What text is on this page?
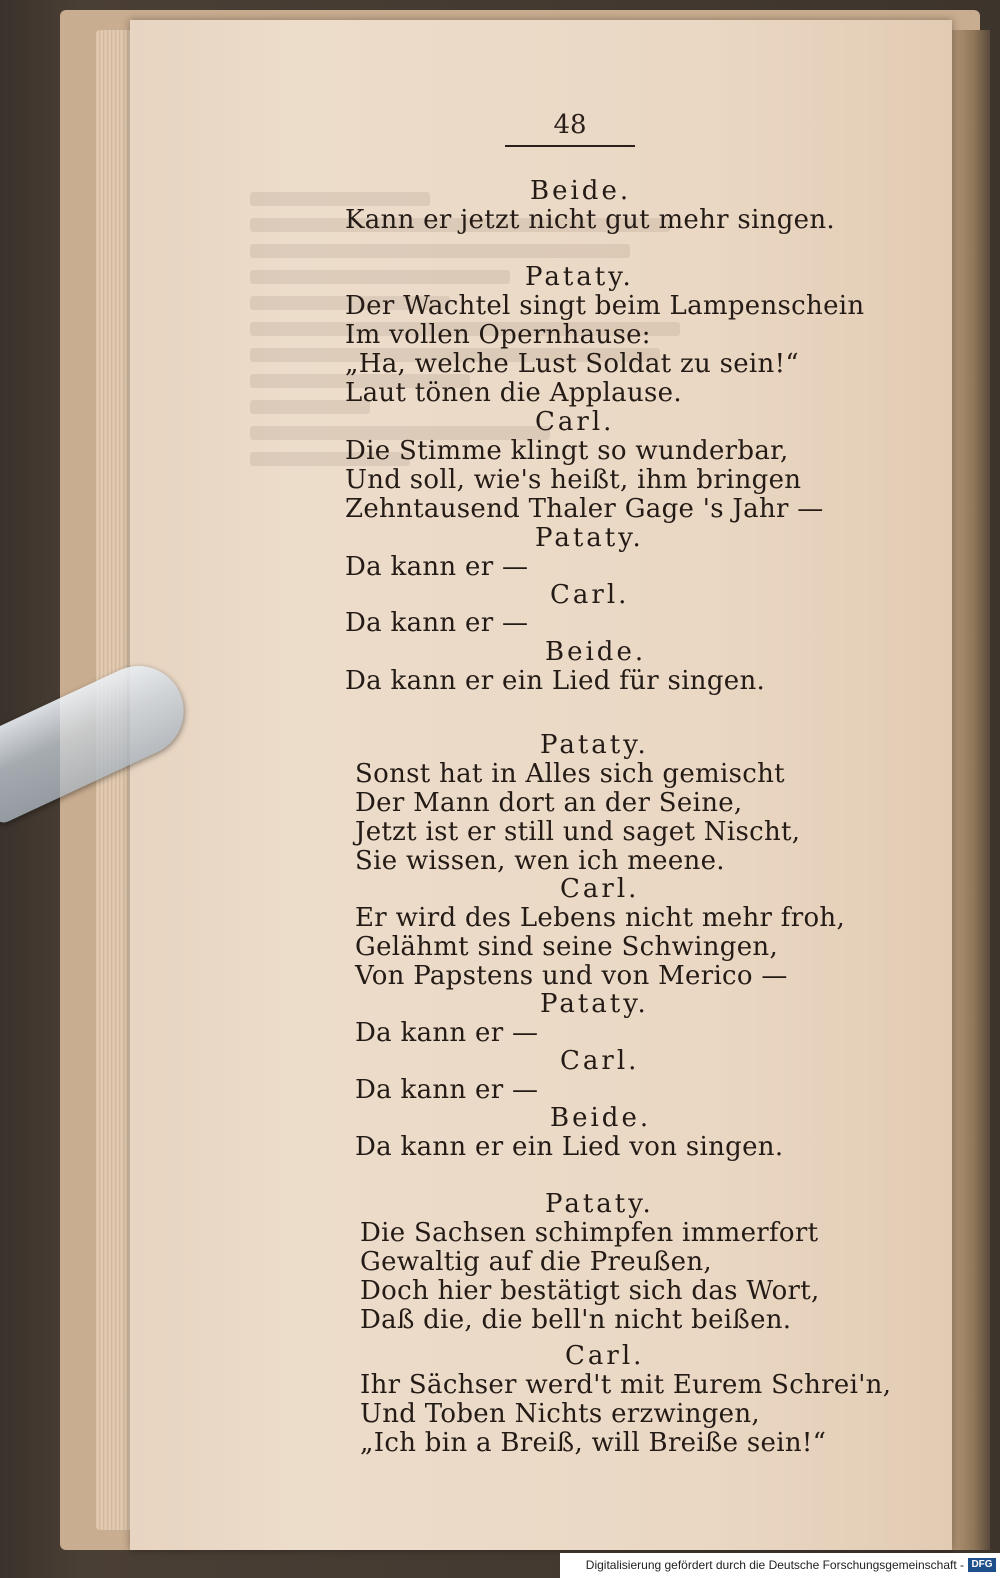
48
Beide.
Kann er jetzt nicht gut mehr singen.
Pataty.
Der Wachtel singt beim Lampenschein
Im vollen Opernhause:
„Ha, welche Lust Soldat zu sein!“
Laut tönen die Applause.
Carl.
Die Stimme klingt so wunderbar,
Und soll, wie's heißt, ihm bringen
Zehntausend Thaler Gage 's Jahr —
Pataty.
Da kann er —
Carl.
Da kann er —
Beide.
Da kann er ein Lied für singen.
Pataty.
Sonst hat in Alles sich gemischt
Der Mann dort an der Seine,
Jetzt ist er still und saget Nischt,
Sie wissen, wen ich meene.
Carl.
Er wird des Lebens nicht mehr froh,
Gelähmt sind seine Schwingen,
Von Papstens und von Merico —
Pataty.
Da kann er —
Carl.
Da kann er —
Beide.
Da kann er ein Lied von singen.
Pataty.
Die Sachsen schimpfen immerfort
Gewaltig auf die Preußen,
Doch hier bestätigt sich das Wort,
Daß die, die bell'n nicht beißen.
Carl.
Ihr Sächser werd't mit Eurem Schrei'n,
Und Toben Nichts erzwingen,
„Ich bin a Breiß, will Breiße sein!“
Digitalisierung gefördert durch die Deutsche Forschungsgemeinschaft - DFG
